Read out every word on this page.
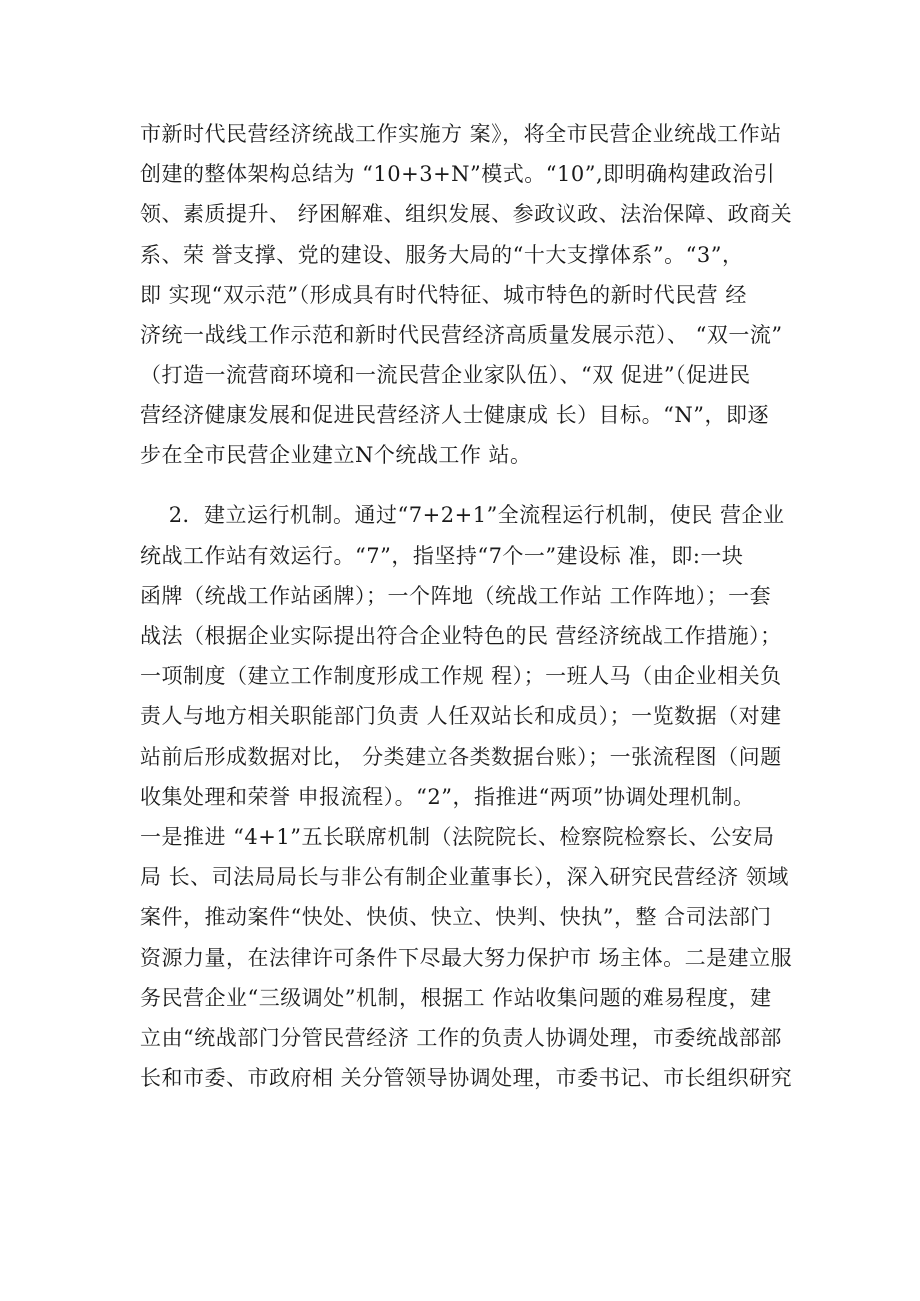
市新时代民营经济统战工作实施方 案》，将全市民营企业统战工作站
创建的整体架构总结为 “10+3+N”模式。“10”,即明确构建政治引
领、素质提升、 纾困解难、组织发展、参政议政、法治保障、政商关
系、荣 誉支撑、党的建设、服务大局的“十大支撑体系”。“3”，
即 实现“双示范”（形成具有时代特征、城市特色的新时代民营 经
济统一战线工作示范和新时代民营经济高质量发展示范）、 “双一流”
（打造一流营商环境和一流民营企业家队伍）、“双 促进”（促进民
营经济健康发展和促进民营经济人士健康成 长）目标。“N”，即逐
步在全市民营企业建立N个统战工作 站。
2．建立运行机制。通过“7+2+1”全流程运行机制，使民 营企业
统战工作站有效运行。“7”，指坚持“7个一”建设标 准，即:一块
函牌（统战工作站函牌）；一个阵地（统战工作站 工作阵地）；一套
战法（根据企业实际提出符合企业特色的民 营经济统战工作措施）；
一项制度（建立工作制度形成工作规 程）；一班人马（由企业相关负
责人与地方相关职能部门负责 人任双站长和成员）；一览数据（对建
站前后形成数据对比， 分类建立各类数据台账）；一张流程图（问题
收集处理和荣誉 申报流程）。“2”，指推进“两项”协调处理机制。
一是推进 “4+1”五长联席机制（法院院长、检察院检察长、公安局
局 长、司法局局长与非公有制企业董事长），深入研究民营经济 领域
案件，推动案件“快处、快侦、快立、快判、快执”，整 合司法部门
资源力量，在法律许可条件下尽最大努力保护市 场主体。二是建立服
务民营企业“三级调处”机制，根据工 作站收集问题的难易程度，建
立由“统战部门分管民营经济 工作的负责人协调处理，市委统战部部
长和市委、市政府相 关分管领导协调处理，市委书记、市长组织研究
